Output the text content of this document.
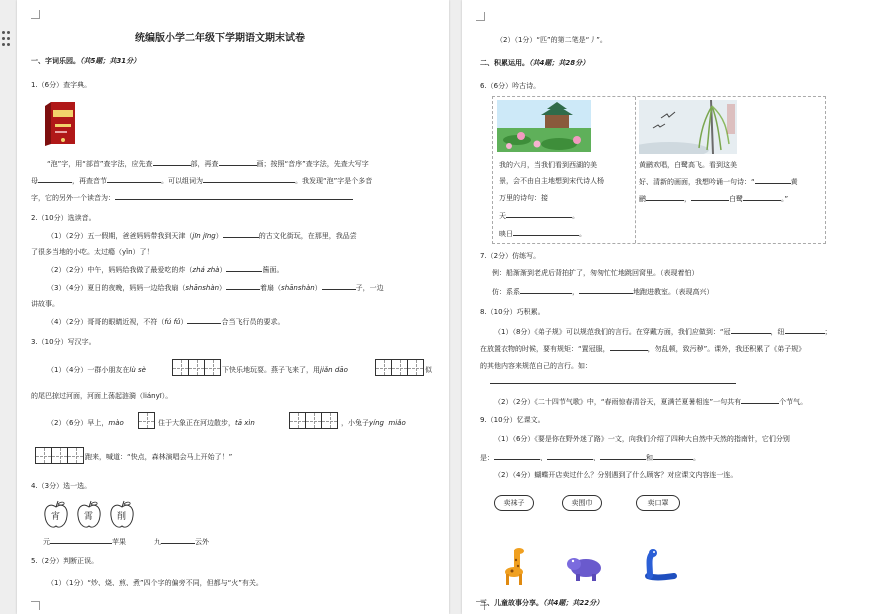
统编版小学二年级下学期语文期末试卷
一、字词乐园。（共5题；共31分）
1.（6分）查字典。
“泡”字，用“部首”查字法，应先查	部，再查	画；按照“音序”查字法，先查大写字
母	，再查音节	。可以组词为	。我发现“泡”字是个多音
字，它的另外一个读音为：
2.（10分）选读音。
（1）（2分）五一假期，爸爸妈妈带我到天津（jīn jīng）	的古文化街玩，在那里，我品尝
了很多当地的小吃。太过瘾（yǐn）了！
（2）（2分）中午，妈妈给我做了最爱吃的炸（zhá zhà）	酱面。
（3）（4分）夏日的夜晚，妈妈一边给我扇（shānshàn）	着扇（shānshàn）	子，一边
讲故事。
（4）（2分）哥哥的眼睛近视，不符（fú fǔ）	合当飞行员的要求。
3.（10分）写汉字。
（1）（4分）一群小朋友在lù sè	下快乐地玩耍。燕子飞来了，用jiǎn dāo	似
的尾巴掠过河面，河面上荡起涟漪（liányī）。
（2）（6分）早上，mào	住于大象正在河边散步，tā xìn	，小兔子yíng miǎo
跑来，喊道：“快点，森林演唱会马上开始了！”
4.（3分）选一选。
宵	霄	削
元	苹果	九	云外
5.（2分）判断正误。
（1）（1分）“炒、烧、煎、煮”四个字的偏旁不同，但都与“火”有关。
（2）（1分）“匹”的第二笔是“丿”。
二、积累运用。（共4题；共28分）
6.（6分）吟古诗。
我的六月，当我们看到西湖的美
景，会不由自主地想到宋代诗人杨
万里的诗句：接
天	。
映日	。
黄鹂欢唱，白鹭高飞。看到这美
好、清新的画面，我想吟诵一句诗：“	黄
鹂	，	白鹭	。”
7.（2分）仿练写。
例：船渐渐到老虎后背拍扩了，匆匆忙忙地跳回窝里。（表现着怕）
仿：系系	，	地跑进教室。（表现高兴）
8.（10分）巧积累。
（1）（8分）《弟子规》可以规范我们的言行。在穿戴方面，我们应做到：“冠	，纽	；
在放置衣物的时候，要有规矩：“置冠服，	，勿乱顿，致污秽”。课外，我还积累了《弟子规》
的其他内容来规范自己的言行。如：
（2）（2分）《二十四节气歌》中，“春雨惊春清谷天，夏满芒夏暑相连”一句共有	个节气。
9.（10分）忆课文。
（1）（6分）《要是你在野外迷了路》一文，向我们介绍了四种大自然中天然的指南针，它们分别
是：	、	、	和	。
（2）（4分）蝴蝶开店卖过什么？分别遇到了什么顾客？对应课文内容连一连。
卖袜子	卖围巾	卖口罩
三、儿童故事分享。（共4题；共22分）
